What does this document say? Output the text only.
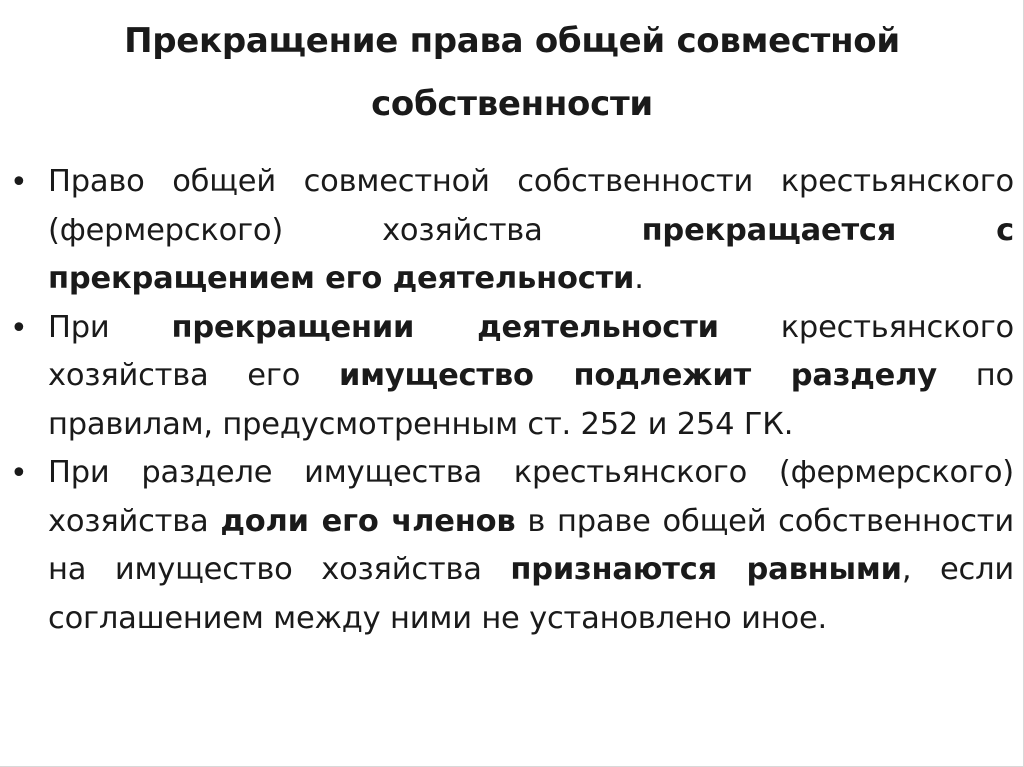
Прекращение права общей совместной собственности
• Право общей совместной собственности крестьянского (фермерского) хозяйства прекращается с прекращением его деятельности.
• При прекращении деятельности крестьянского хозяйства его имущество подлежит разделу по правилам, предусмотренным ст. 252 и 254 ГК.
• При разделе имущества крестьянского (фермерского) хозяйства доли его членов в праве общей собственности на имущество хозяйства признаются равными, если соглашением между ними не установлено иное.
